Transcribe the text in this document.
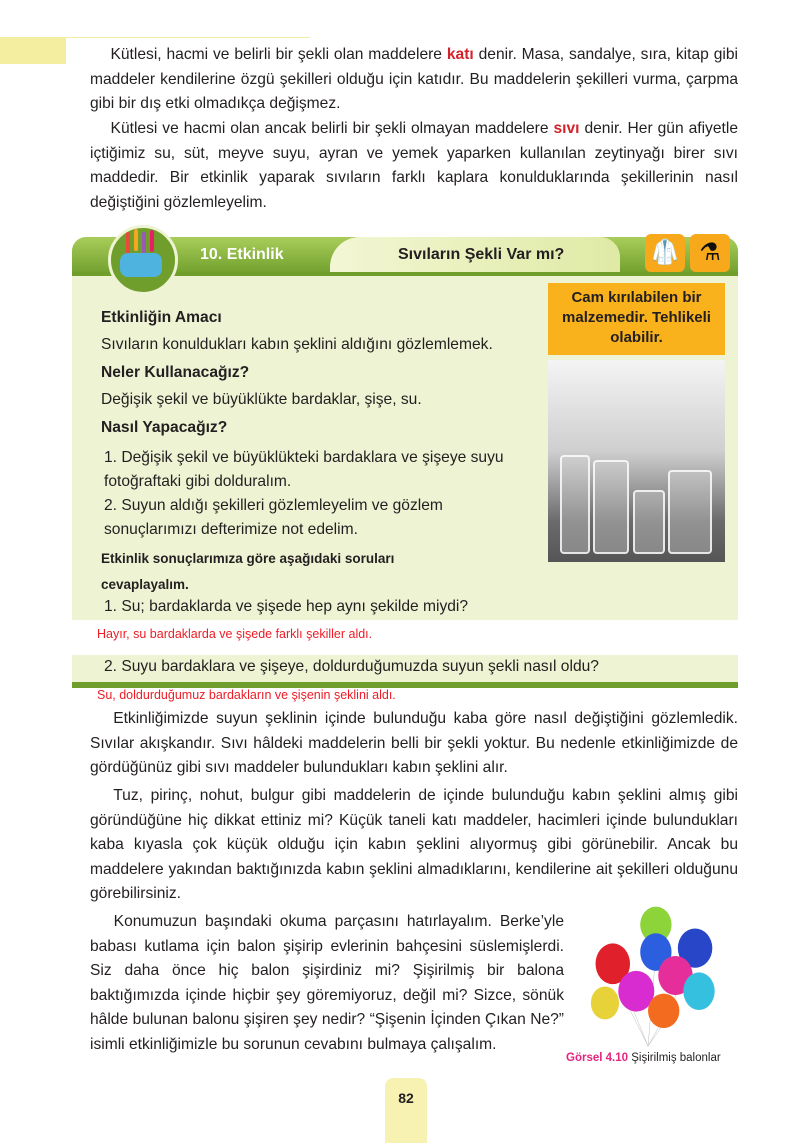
  Kütlesi, hacmi ve belirli bir şekli olan maddelere katı denir. Masa, sandalye, sıra, kitap gibi maddeler kendilerine özgü şekilleri olduğu için katıdır. Bu maddelerin şekilleri vurma, çarpma gibi bir dış etki olmadıkça değişmez.
  Kütlesi ve hacmi olan ancak belirli bir şekli olmayan maddelere sıvı denir. Her gün afiyetle içtiğimiz su, süt, meyve suyu, ayran ve yemek yaparken kullanılan zeytinyağı birer sıvı maddedir. Bir etkinlik yaparak sıvıların farklı kaplara konulduklarında şekillerinin nasıl değiştiğini gözlemleyelim.
10. Etkinlik	Sıvıların Şekli Var mı?	🥼 ⚗
Cam kırılabilen bir malzemedir. Tehlikeli olabilir.
Etkinliğin Amacı
Sıvıların konuldukları kabın şeklini aldığını gözlemlemek.
Neler Kullanacağız?
Değişik şekil ve büyüklükte bardaklar, şişe, su.
Nasıl Yapacağız?
1. Değişik şekil ve büyüklükteki bardaklara ve şişeye suyu fotoğraftaki gibi dolduralım.
2. Suyun aldığı şekilleri gözlemleyelim ve gözlem sonuçlarımızı defterimize not edelim.
Etkinlik sonuçlarımıza göre aşağıdaki soruları cevaplayalım.
1. Su; bardaklarda ve şişede hep aynı şekilde miydi?
Hayır, su bardaklarda ve şişede farklı şekiller aldı.
2. Suyu bardaklara ve şişeye, doldurduğumuzda suyun şekli nasıl oldu?
Su, doldurduğumuz bardakların ve şişenin şeklini aldı.
  Etkinliğimizde suyun şeklinin içinde bulunduğu kaba göre nasıl değiştiğini gözlemledik. Sıvılar akışkandır. Sıvı hâldeki maddelerin belli bir şekli yoktur. Bu nedenle etkinliğimizde de gördüğünüz gibi sıvı maddeler bulundukları kabın şeklini alır.
  Tuz, pirinç, nohut, bulgur gibi maddelerin de içinde bulunduğu kabın şeklini almış gibi göründüğüne hiç dikkat ettiniz mi? Küçük taneli katı maddeler, hacimleri içinde bulundukları kaba kıyasla çok küçük olduğu için kabın şeklini alıyormuş gibi görünebilir. Ancak bu maddelere yakından baktığınızda kabın şeklini almadıklarını, kendilerine ait şekilleri olduğunu görebilirsiniz.
  Konumuzun başındaki okuma parçasını hatırlayalım. Berke’yle babası kutlama için balon şişirip evlerinin bahçesini süslemişlerdi. Siz daha önce hiç balon şişirdiniz mi? Şişirilmiş bir balona baktığımızda içinde hiçbir şey göremiyoruz, değil mi? Sizce, sönük hâlde bulunan balonu şişiren şey nedir? “Şişenin İçinden Çıkan Ne?” isimli etkinliğimizle bu sorunun cevabını bulmaya çalışalım.
Görsel 4.10 Şişirilmiş balonlar
82
